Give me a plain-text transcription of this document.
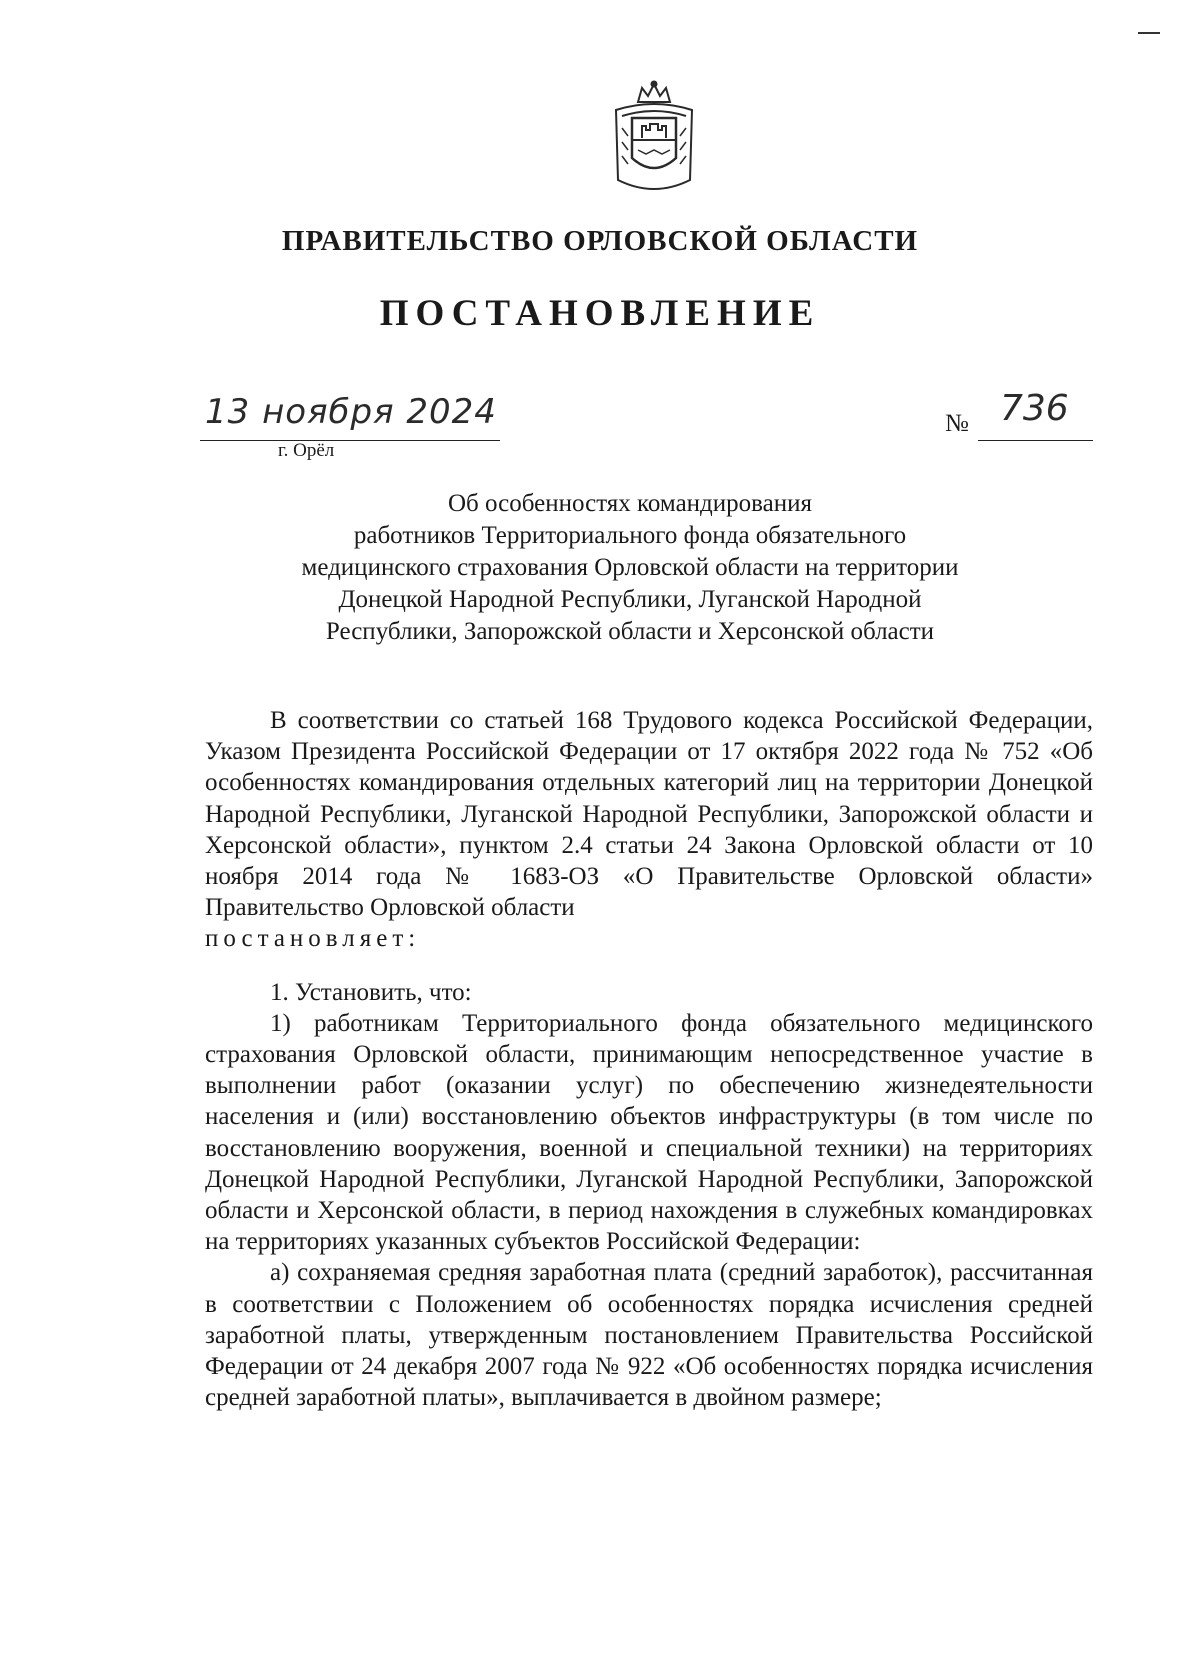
ПРАВИТЕЛЬСТВО ОРЛОВСКОЙ ОБЛАСТИ
ПОСТАНОВЛЕНИЕ
13 ноября 2024
г. Орёл
№ 736
Об особенностях командирования
работников Территориального фонда обязательного
медицинского страхования Орловской области на территории
Донецкой Народной Республики, Луганской Народной
Республики, Запорожской области и Херсонской области

В соответствии со статьей 168 Трудового кодекса Российской Федерации, Указом Президента Российской Федерации от 17 октября 2022 года № 752 «Об особенностях командирования отдельных категорий лиц на территории Донецкой Народной Республики, Луганской Народной Республики, Запорожской области и Херсонской области», пунктом 2.4 статьи 24 Закона Орловской области от 10 ноября 2014 года № 1683-ОЗ «О Правительстве Орловской области» Правительство Орловской области
постановляет:

1. Установить, что:

1) работникам Территориального фонда обязательного медицинского страхования Орловской области, принимающим непосредственное участие в выполнении работ (оказании услуг) по обеспечению жизнедеятельности населения и (или) восстановлению объектов инфраструктуры (в том числе по восстановлению вооружения, военной и специальной техники) на территориях Донецкой Народной Республики, Луганской Народной Республики, Запорожской области и Херсонской области, в период нахождения в служебных командировках на территориях указанных субъектов Российской Федерации:

а) сохраняемая средняя заработная плата (средний заработок), рассчитанная в соответствии с Положением об особенностях порядка исчисления средней заработной платы, утвержденным постановлением Правительства Российской Федерации от 24 декабря 2007 года № 922 «Об особенностях порядка исчисления средней заработной платы», выплачивается в двойном размере;
